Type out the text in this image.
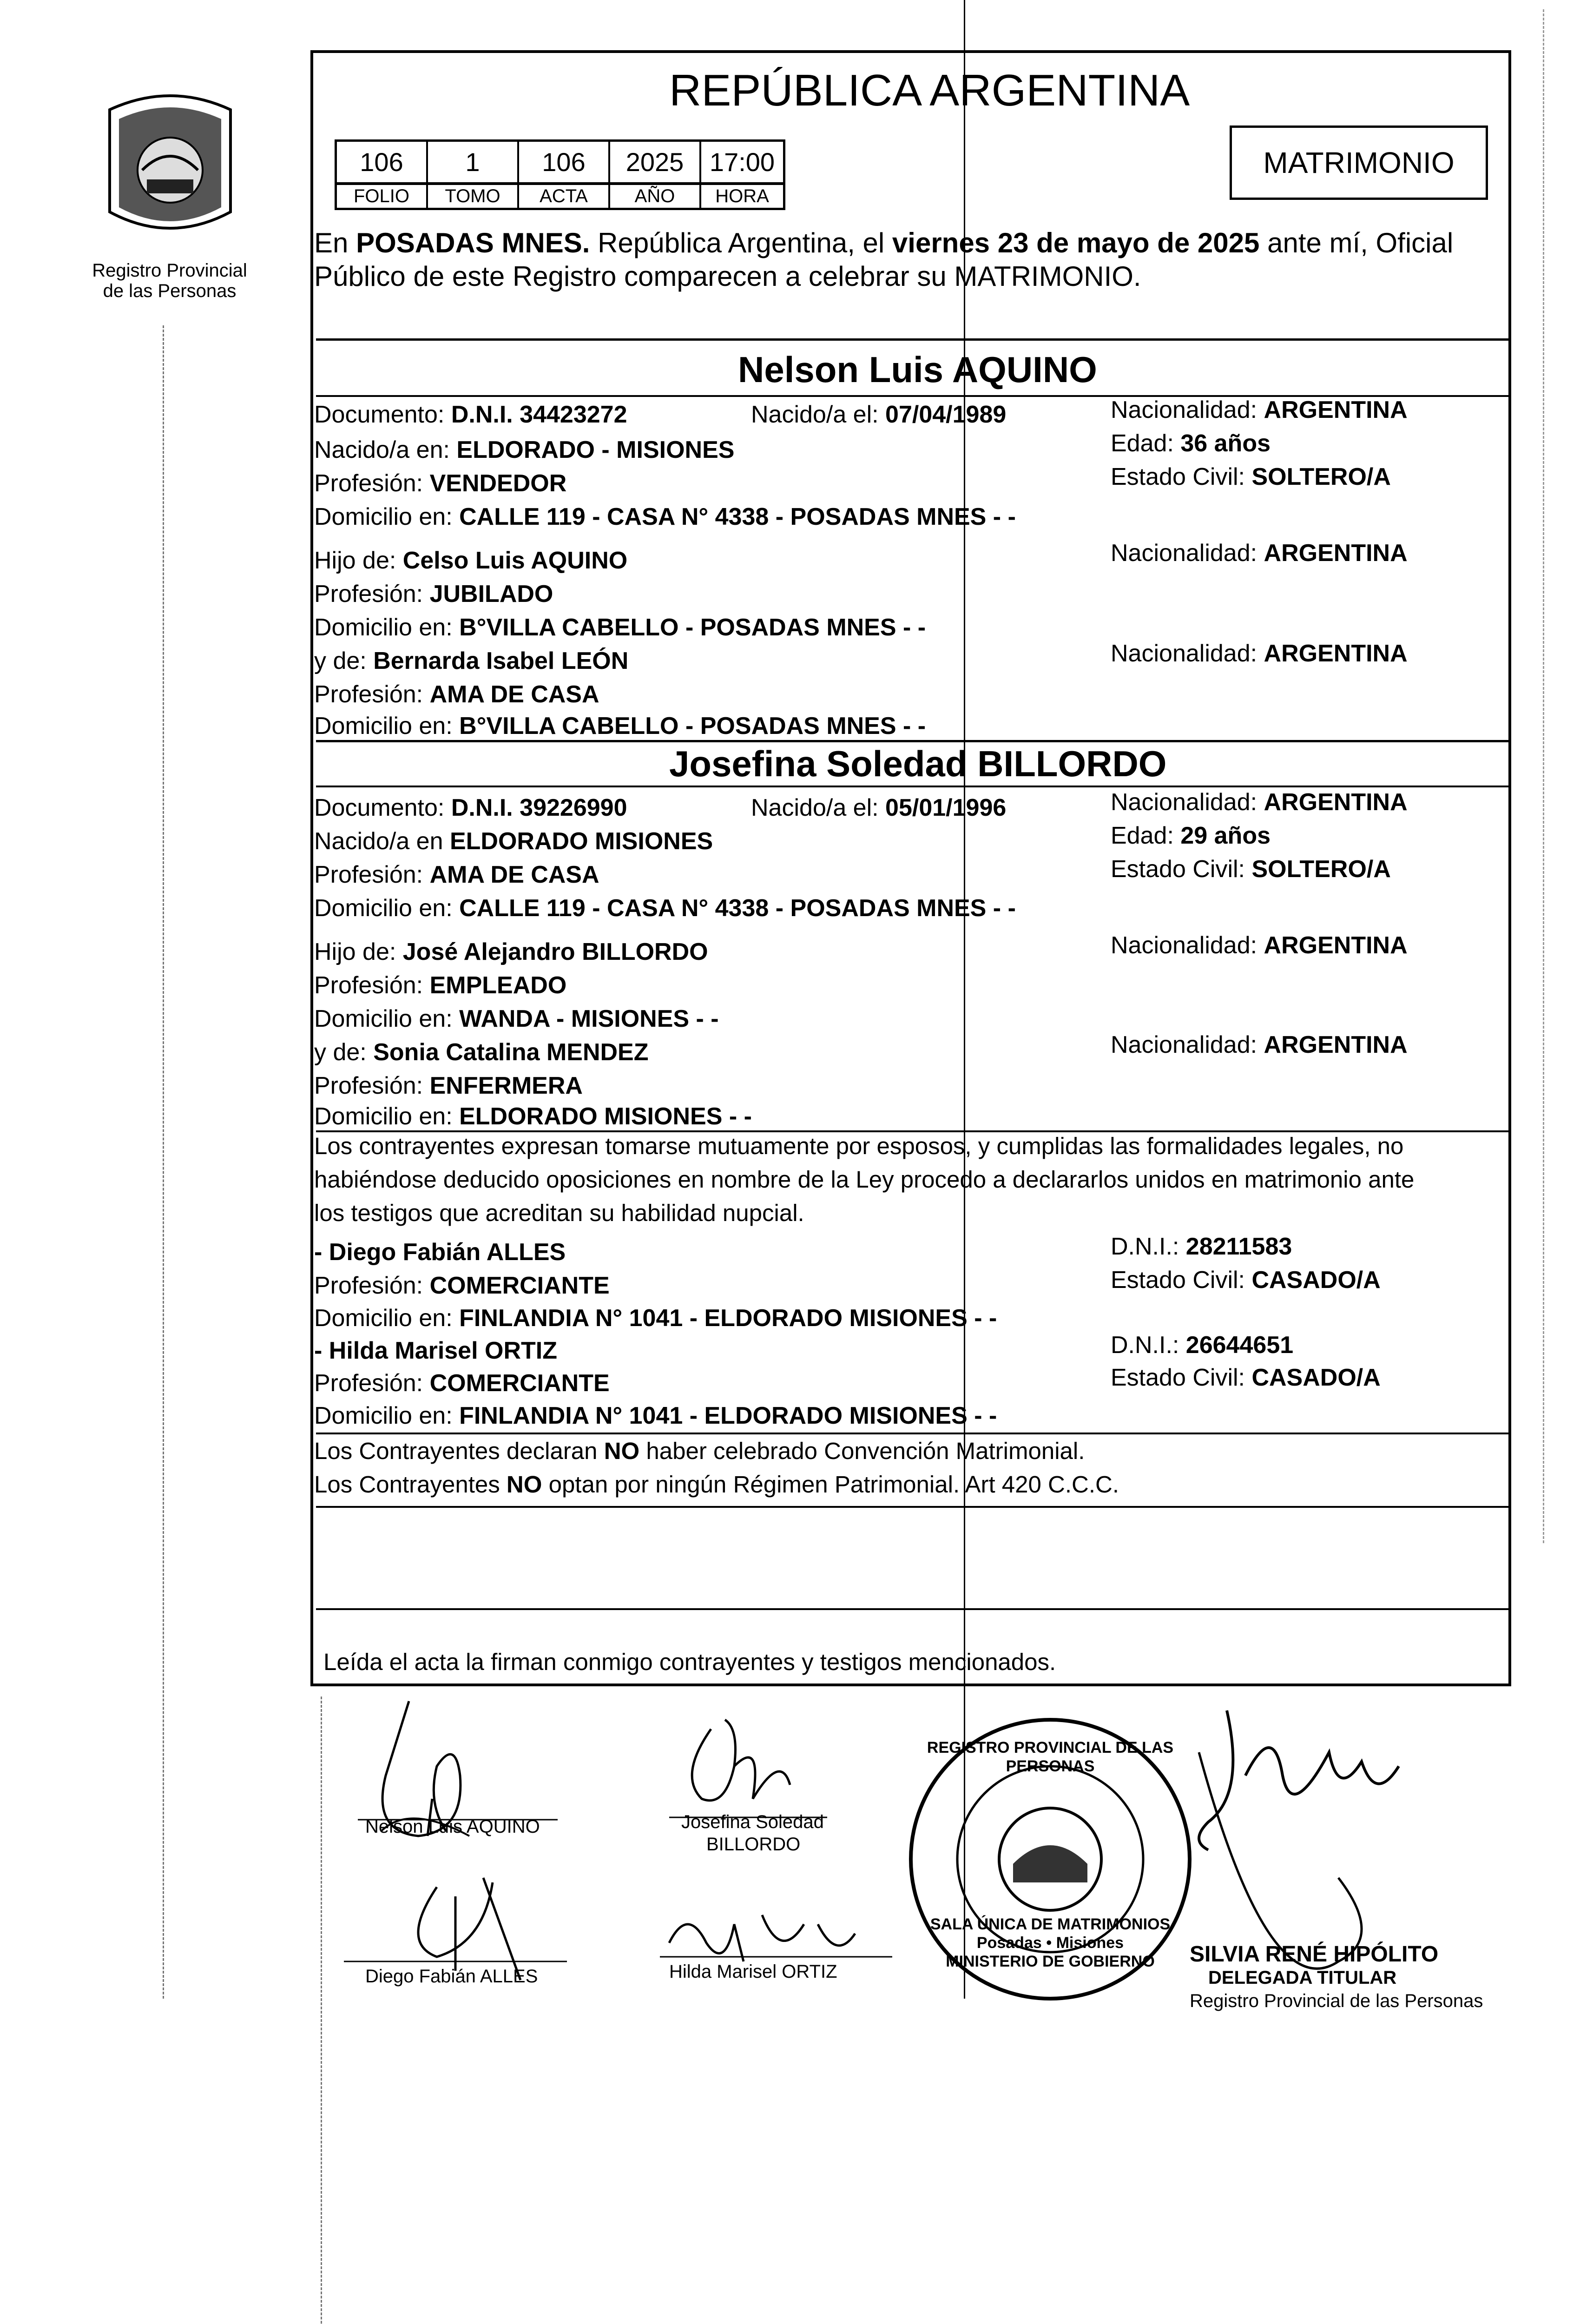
Registro Provincial
de las Personas
REPÚBLICA ARGENTINA
106	1	106	2025 17:00
FOLIO	TOMO	ACTA	AÑO	HORA
MATRIMONIO
En POSADAS MNES. República Argentina, el viernes 23 de mayo de 2025 ante mí, Oficial
Público de este Registro comparecen a celebrar su MATRIMONIO.
Nelson Luis AQUINO
Documento: D.N.I. 34423272	Nacido/a el: 07/04/1989	Nacionalidad: ARGENTINA
Nacido/a en: ELDORADO - MISIONES	Edad: 36 años
Profesión: VENDEDOR	Estado Civil: SOLTERO/A
Domicilio en: CALLE 119 - CASA N° 4338 - POSADAS MNES - -
Hijo de: Celso Luis AQUINO	Nacionalidad: ARGENTINA
Profesión: JUBILADO
Domicilio en: B°VILLA CABELLO - POSADAS MNES - -
y de: Bernarda Isabel LEÓN	Nacionalidad: ARGENTINA
Profesión: AMA DE CASA
Domicilio en: B°VILLA CABELLO - POSADAS MNES - -
Josefina Soledad BILLORDO
Documento: D.N.I. 39226990	Nacido/a el: 05/01/1996	Nacionalidad: ARGENTINA
Nacido/a en ELDORADO MISIONES	Edad: 29 años
Profesión: AMA DE CASA	Estado Civil: SOLTERO/A
Domicilio en: CALLE 119 - CASA N° 4338 - POSADAS MNES - -
Hijo de: José Alejandro BILLORDO	Nacionalidad: ARGENTINA
Profesión: EMPLEADO
Domicilio en: WANDA - MISIONES - -
y de: Sonia Catalina MENDEZ	Nacionalidad: ARGENTINA
Profesión: ENFERMERA
Domicilio en: ELDORADO MISIONES - -
Los contrayentes expresan tomarse mutuamente por esposos, y cumplidas las formalidades legales, no
habiéndose deducido oposiciones en nombre de la Ley procedo a declararlos unidos en matrimonio ante
los testigos que acreditan su habilidad nupcial.
- Diego Fabián ALLES	D.N.I.: 28211583
Profesión: COMERCIANTE	Estado Civil: CASADO/A
Domicilio en: FINLANDIA N° 1041 - ELDORADO MISIONES - -
- Hilda Marisel ORTIZ	D.N.I.: 26644651
Profesión: COMERCIANTE	Estado Civil: CASADO/A
Domicilio en: FINLANDIA N° 1041 - ELDORADO MISIONES - -
Los Contrayentes declaran NO haber celebrado Convención Matrimonial.
Los Contrayentes NO optan por ningún Régimen Patrimonial. Art 420 C.C.C.
Leída el acta la firman conmigo contrayentes y testigos mencionados.
Nelson Luis AQUINO	Josefina Soledad
BILLORDO
Diego Fabián ALLES	Hilda Marisel ORTIZ
REGISTRO PROVINCIAL DE LAS PERSONAS
SALA ÚNICA DE MATRIMONIOS
Posadas • Misiones
MINISTERIO DE GOBIERNO	SILVIA RENÉ HIPÓLITO
DELEGADA TITULAR
Registro Provincial de las Personas
